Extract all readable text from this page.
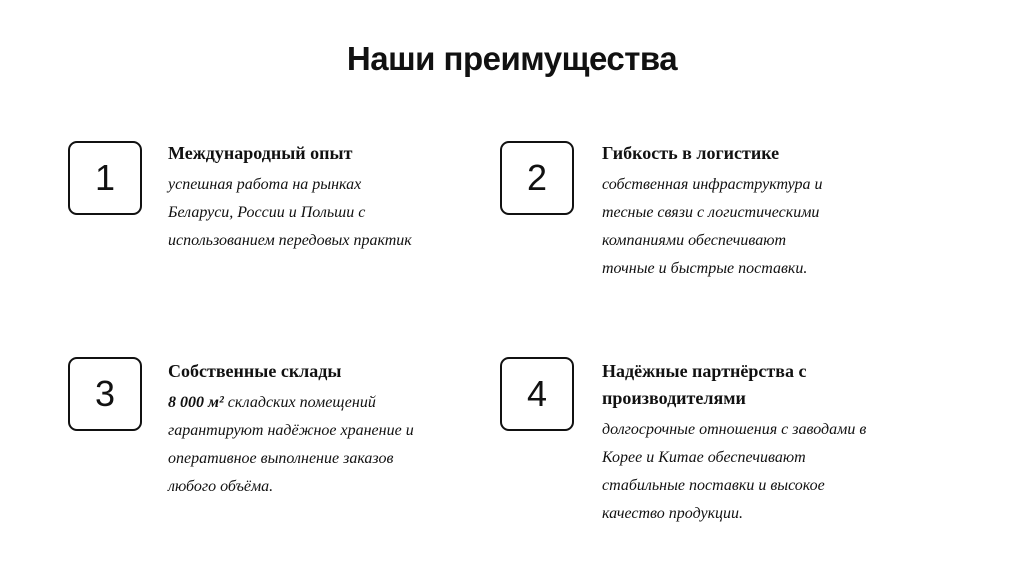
Наши преимущества
1

Международный опыт

успешная работа на рынках
Беларуси, России и Польши с
использованием передовых практик

2

Гибкость в логистике

собственная инфраструктура и
тесные связи с логистическими
компаниями обеспечивают
точные и быстрые поставки.

3

Собственные склады

8 000 м² складских помещений
гарантируют надёжное хранение и
оперативное выполнение заказов
любого объёма.

4

Надёжные партнёрства с
производителями

долгосрочные отношения с заводами в
Корее и Китае обеспечивают
стабильные поставки и высокое
качество продукции.
